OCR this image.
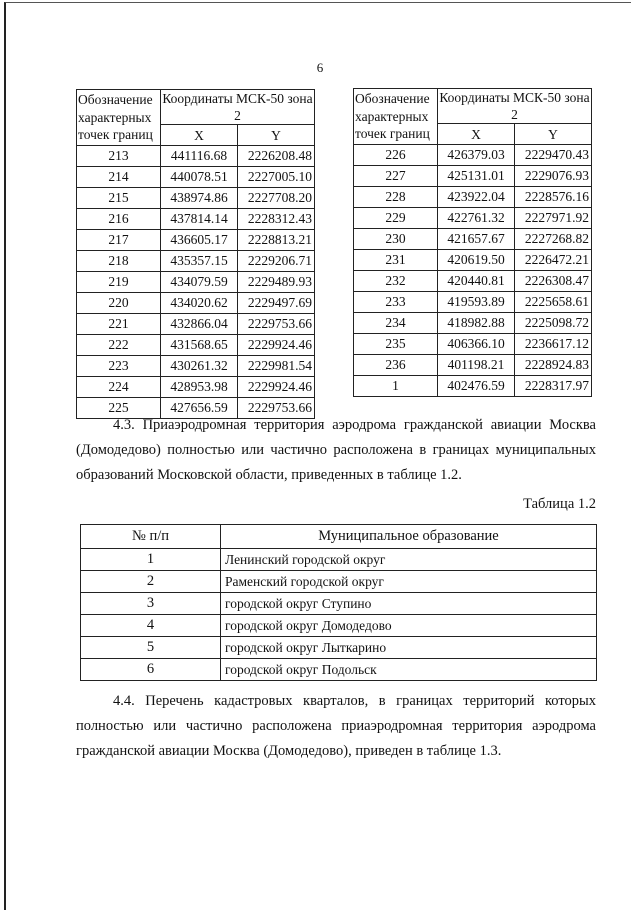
6
Обозначение характерных точек границ	Координаты МСК-50 зона 2	
	X	Y
213	441116.68	2226208.48
214	440078.51	2227005.10
215	438974.86	2227708.20
216	437814.14	2228312.43
217	436605.17	2228813.21
218	435357.15	2229206.71
219	434079.59	2229489.93
220	434020.62	2229497.69
221	432866.04	2229753.66
222	431568.65	2229924.46
223	430261.32	2229981.54
224	428953.98	2229924.46
225	427656.59	2229753.66
Обозначение характерных точек границ	Координаты МСК-50 зона 2	
	X	Y
226	426379.03	2229470.43
227	425131.01	2229076.93
228	423922.04	2228576.16
229	422761.32	2227971.92
230	421657.67	2227268.82
231	420619.50	2226472.21
232	420440.81	2226308.47
233	419593.89	2225658.61
234	418982.88	2225098.72
235	406366.10	2236617.12
236	401198.21	2228924.83
1	402476.59	2228317.97
4.3. Приаэродромная территория аэродрома гражданской авиации Москва
(Домодедово) полностью или частично расположена в границах муниципальных
образований Московской области, приведенных в таблице 1.2.
Таблица 1.2
№ п/п	Муниципальное образование
1	Ленинский городской округ
2	Раменский городской округ
3	городской округ Ступино
4	городской округ Домодедово
5	городской округ Лыткарино
6	городской округ Подольск
4.4. Перечень кадастровых кварталов, в границах территорий которых
полностью или частично расположена приаэродромная территория аэродрома
гражданской авиации Москва (Домодедово), приведен в таблице 1.3.
